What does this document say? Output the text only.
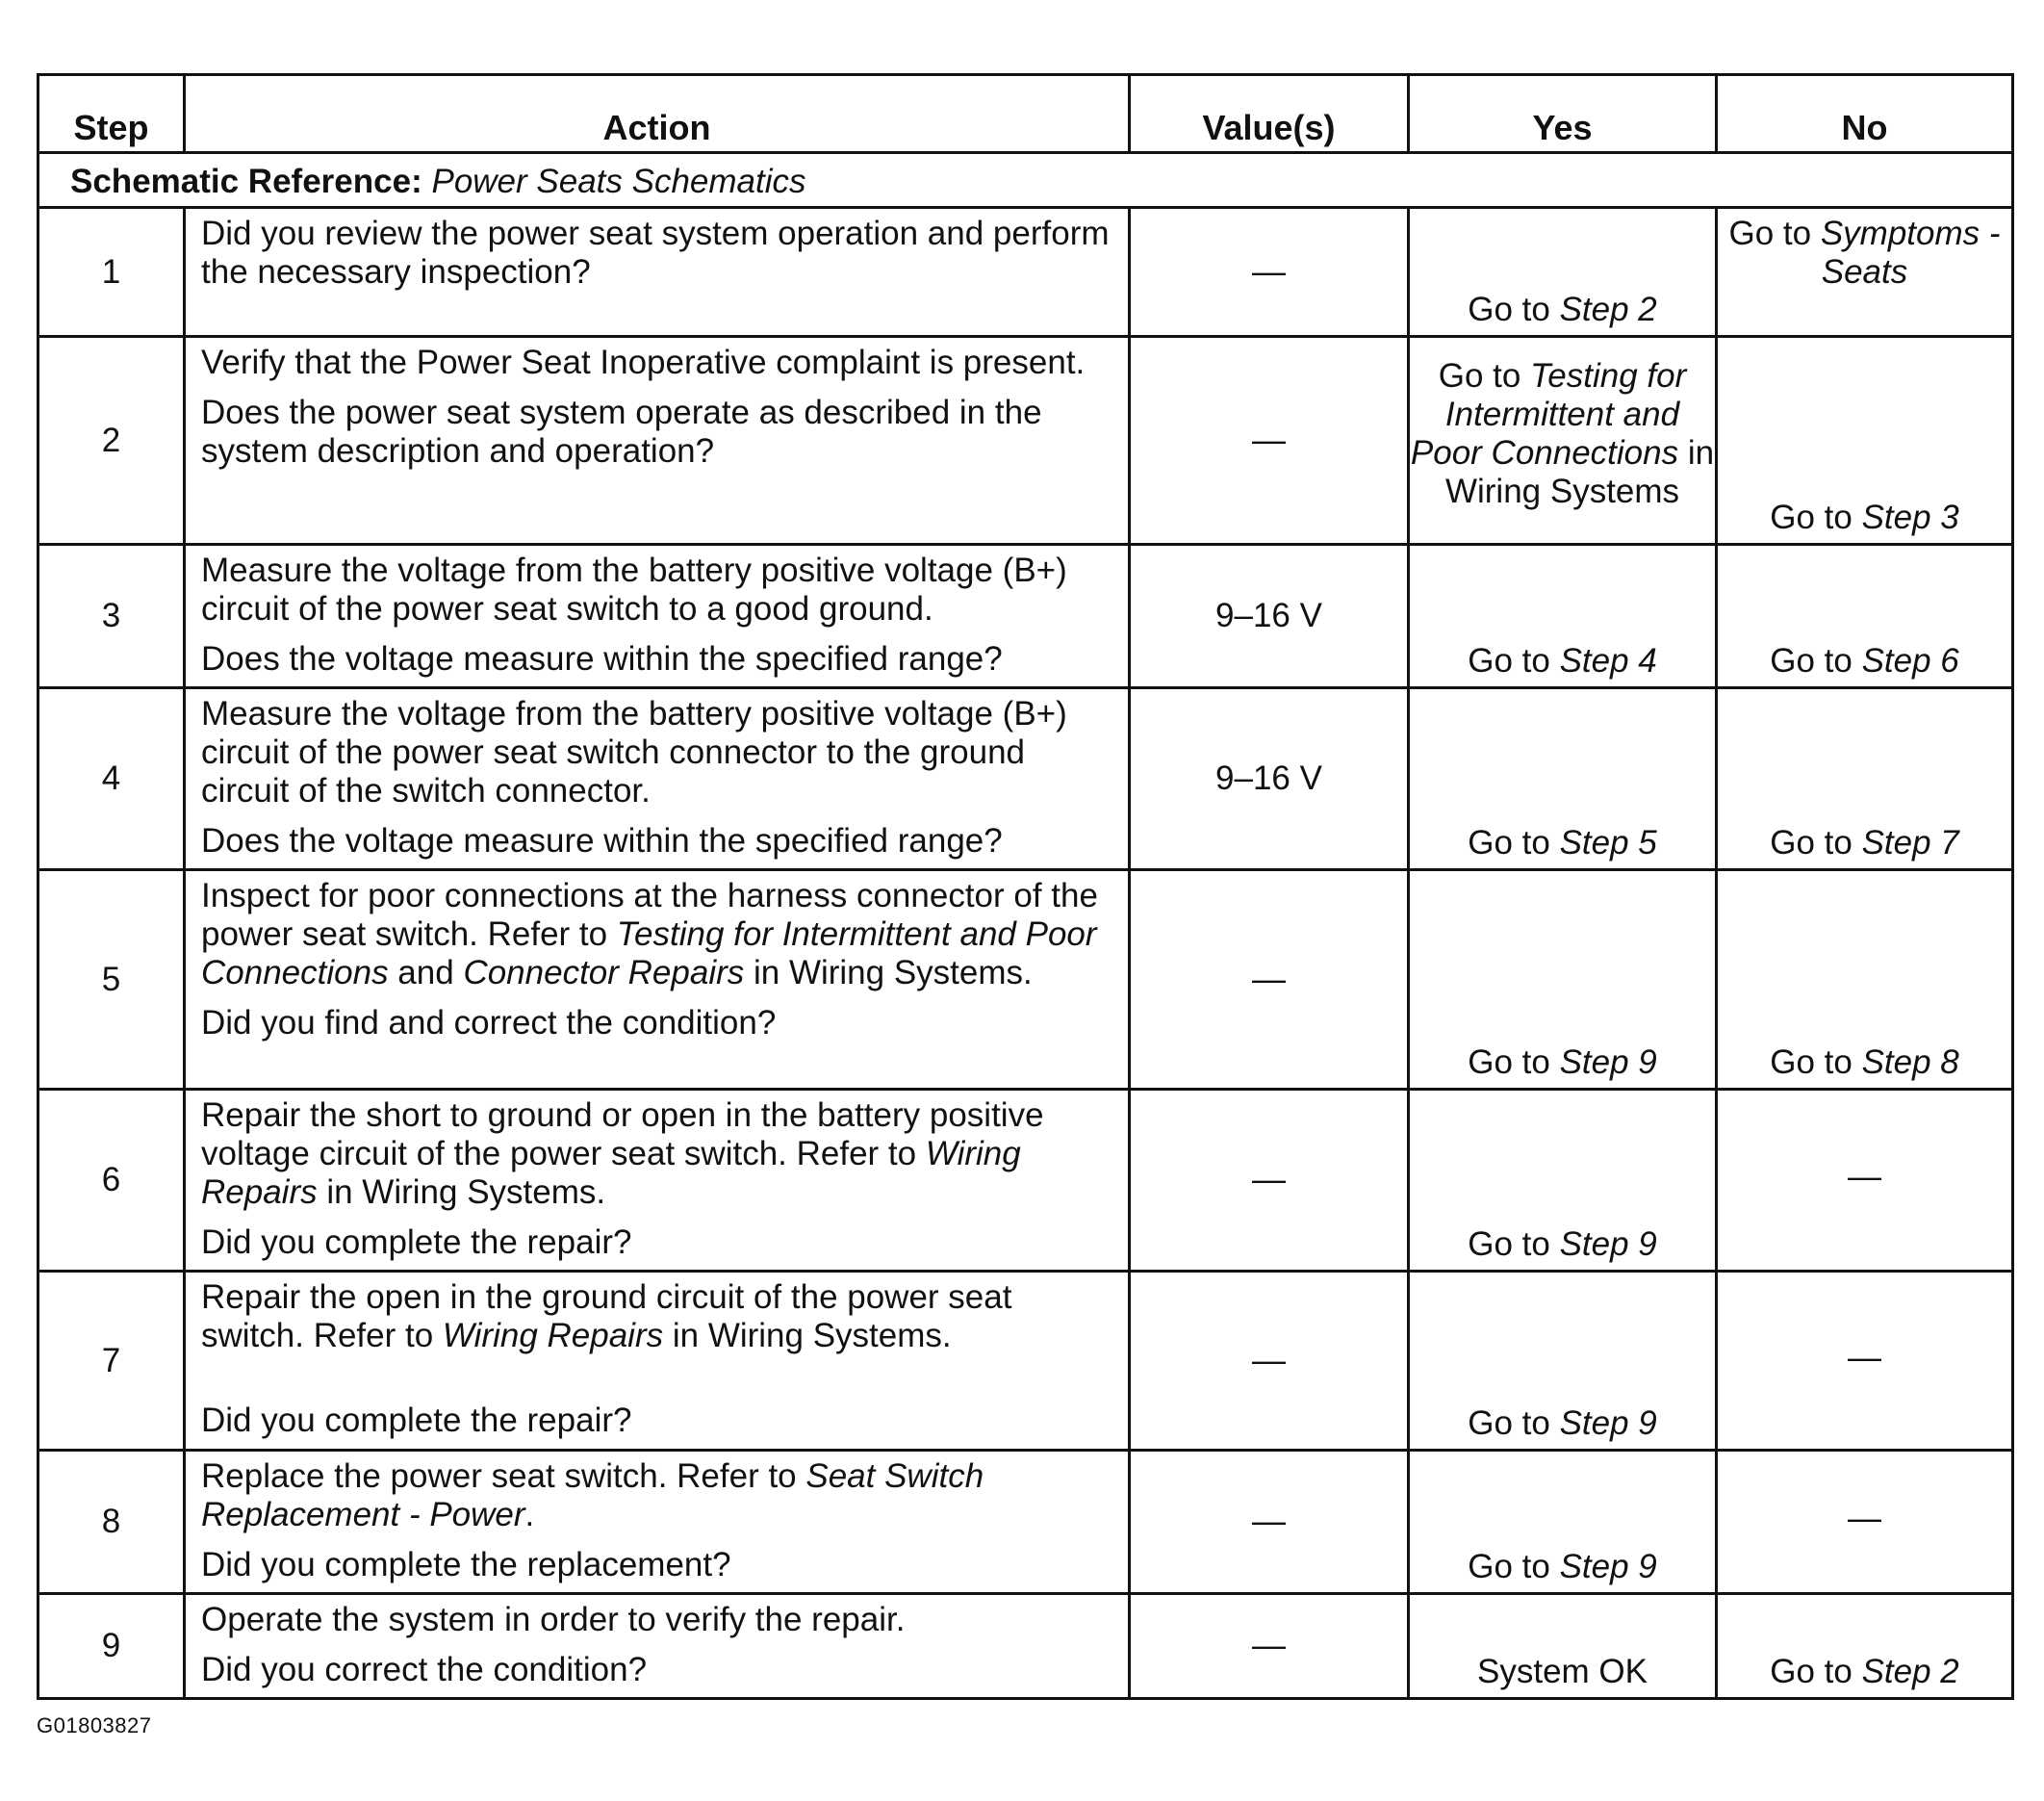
Step	Action	Value(s)	Yes	No
Schematic Reference: Power Seats Schematics				
1	Did you review the power seat system operation and perform the necessary inspection?	—	Go to Step 2	Go to Symptoms - Seats
2	Verify that the Power Seat Inoperative complaint is present.
Does the power seat system operate as described in the system description and operation?	—	Go to Testing for Intermittent and Poor Connections in Wiring Systems	Go to Step 3
3	Measure the voltage from the battery positive voltage (B+) circuit of the power seat switch to a good ground.
Does the voltage measure within the specified range?	9–16 V	Go to Step 4	Go to Step 6
4	Measure the voltage from the battery positive voltage (B+) circuit of the power seat switch connector to the ground circuit of the switch connector.
Does the voltage measure within the specified range?	9–16 V	Go to Step 5	Go to Step 7
5	Inspect for poor connections at the harness connector of the power seat switch. Refer to Testing for Intermittent and Poor Connections and Connector Repairs in Wiring Systems.
Did you find and correct the condition?	—	Go to Step 9	Go to Step 8
6	Repair the short to ground or open in the battery positive voltage circuit of the power seat switch. Refer to Wiring Repairs in Wiring Systems.
Did you complete the repair?	—	Go to Step 9	—
7	Repair the open in the ground circuit of the power seat switch. Refer to Wiring Repairs in Wiring Systems.
Did you complete the repair?	—	Go to Step 9	—
8	Replace the power seat switch. Refer to Seat Switch Replacement - Power.
Did you complete the replacement?	—	Go to Step 9	—
9	Operate the system in order to verify the repair.
Did you correct the condition?	—	System OK	Go to Step 2
G01803827
